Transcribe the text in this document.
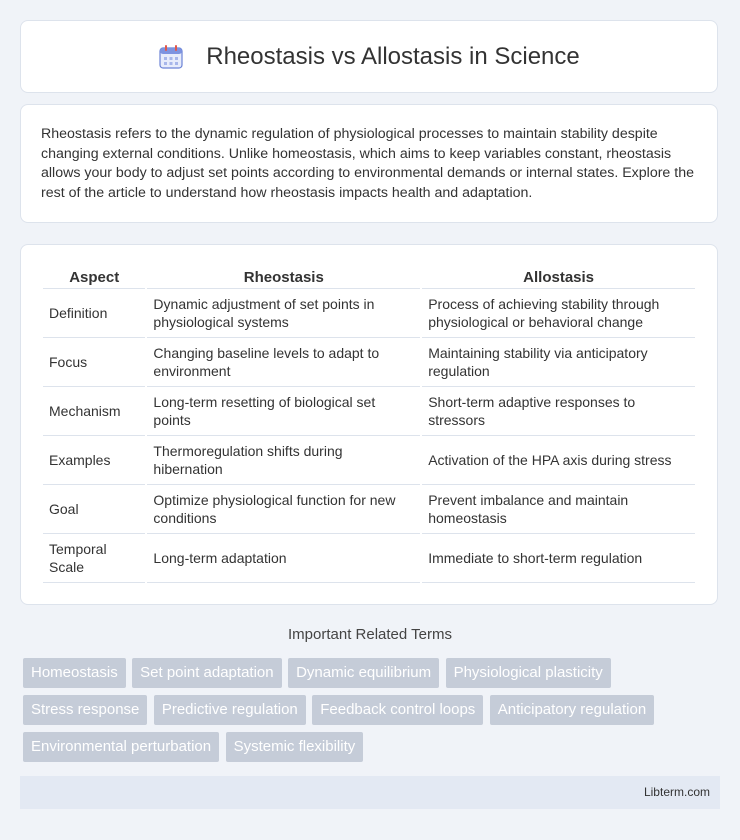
Rheostasis vs Allostasis in Science

Rheostasis refers to the dynamic regulation of physiological processes to maintain stability despite changing external conditions. Unlike homeostasis, which aims to keep variables constant, rheostasis allows your body to adjust set points according to environmental demands or internal states. Explore the rest of the article to understand how rheostasis impacts health and adaptation.

Aspect	Rheostasis	Allostasis
Definition	Dynamic adjustment of set points in physiological systems	Process of achieving stability through physiological or behavioral change
Focus	Changing baseline levels to adapt to environment	Maintaining stability via anticipatory regulation
Mechanism	Long-term resetting of biological set points	Short-term adaptive responses to stressors
Examples	Thermoregulation shifts during hibernation	Activation of the HPA axis during stress
Goal	Optimize physiological function for new conditions	Prevent imbalance and maintain homeostasis
Temporal Scale	Long-term adaptation	Immediate to short-term regulation
Important Related Terms
Homeostasis Set point adaptation Dynamic equilibrium Physiological plasticity Stress response Predictive regulation Feedback control loops Anticipatory regulation Environmental perturbation Systemic flexibility
Libterm.com
